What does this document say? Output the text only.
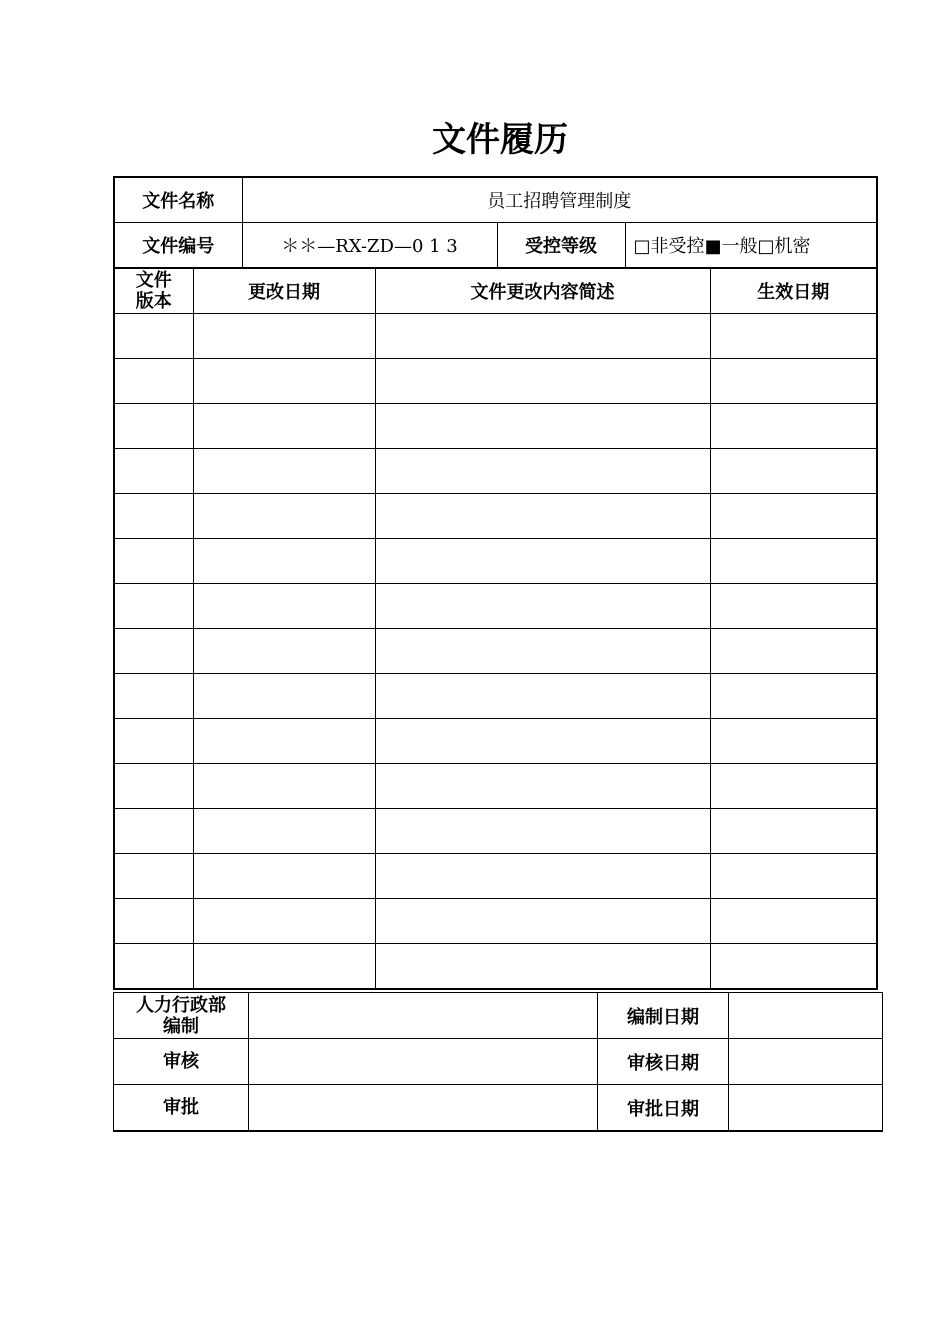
文件履历
文件名称	员工招聘管理制度		
文件编号	＊＊—RX-ZD—0 1 3	受控等级	□非受控■一般□机密
文件
版本	更改日期	文件更改内容简述	生效日期

人力行政部
编制		编制日期	
审核		审核日期	
审批		审批日期	
